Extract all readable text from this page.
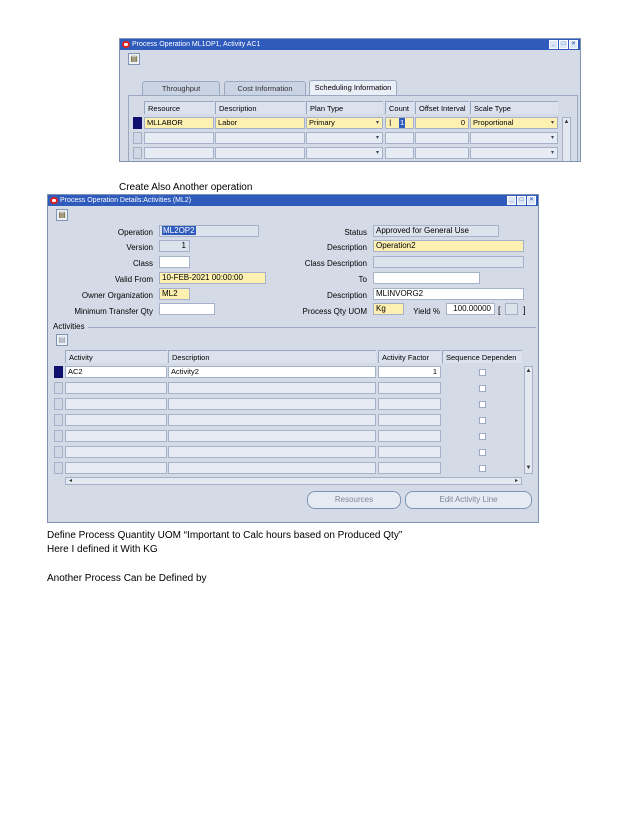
Process Operation ML1OP1, Activity AC1	_	□	×
▤
Throughput	Cost Information	Scheduling Information
Resource	Description	Plan Type	Count	Offset Interval	Scale Type
MLLABOR	Labor	Primary	▾ I 1	0	Proportional	▾
▾	▾
▾	▾
▲
Create Also Another operation
Process Operation Details:Activities (ML2)	_	□	×
▤
Operation	ML2OP2
Version	1
Class
Valid From	10-FEB-2021 00:00:00
Owner Organization	ML2
Minimum Transfer Qty
Status	Approved for General Use
Description	Operation2
Class Description
To
Description	MLINVORG2
Process Qty UOM	Kg	Yield %	100.00000 [ ]
Activities
▤
Activity	Description	Activity Factor	Sequence Dependen
AC2	Activity2	1	▲
▼
◂	▸
Resources	Edit Activity Line
Define Process Quantity UOM “Important to Calc hours based on Produced Qty”
Here I defined it With KG
Another Process Can be Defined by
